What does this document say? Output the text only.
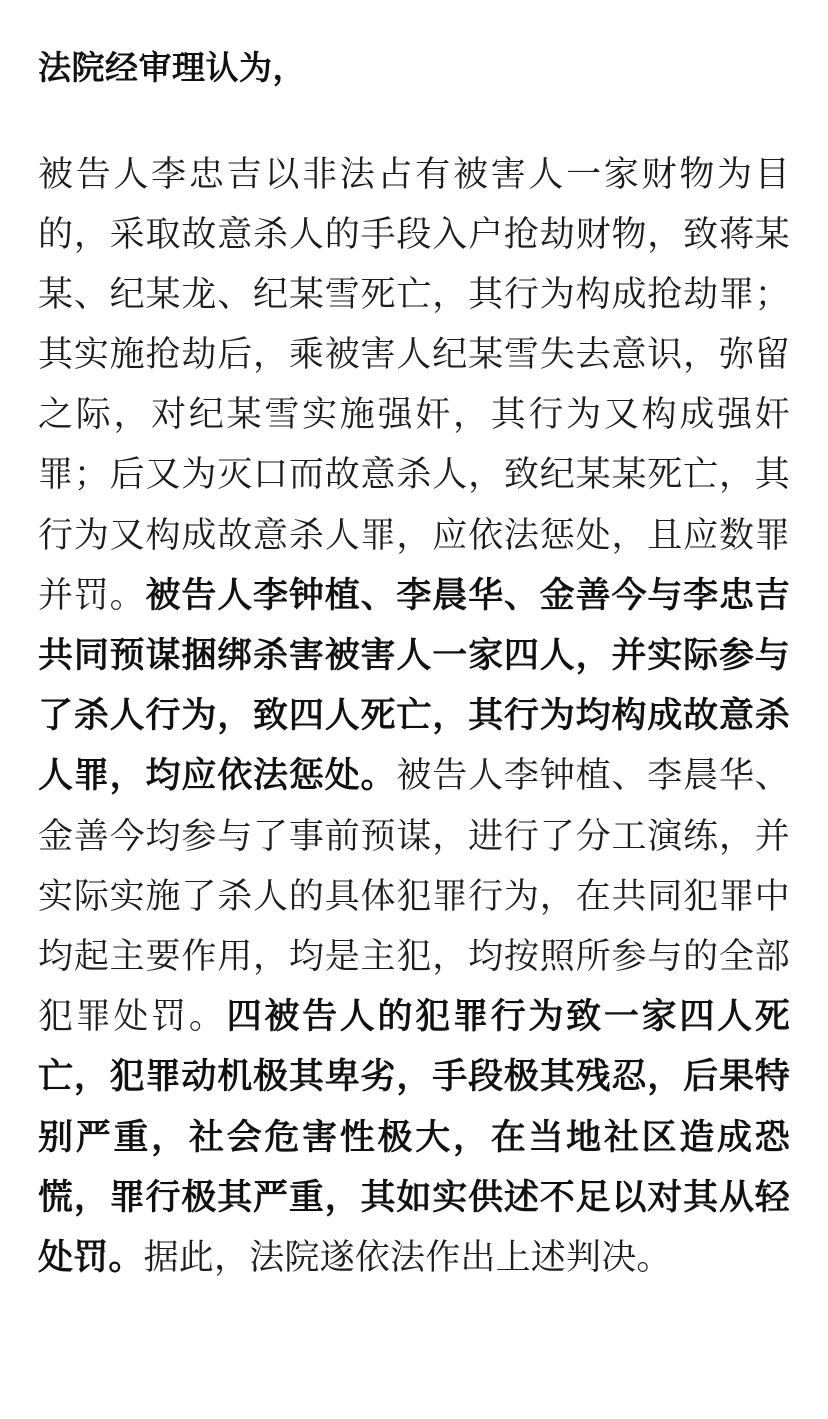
法院经审理认为，

被告人李忠吉以非法占有被害人一家财物为目的，采取故意杀人的手段入户抢劫财物，致蒋某某、纪某龙、纪某雪死亡，其行为构成抢劫罪；其实施抢劫后，乘被害人纪某雪失去意识，弥留之际，对纪某雪实施强奸，其行为又构成强奸罪；后又为灭口而故意杀人，致纪某某死亡，其行为又构成故意杀人罪，应依法惩处，且应数罪并罚。被告人李钟植、李晨华、金善今与李忠吉共同预谋捆绑杀害被害人一家四人，并实际参与了杀人行为，致四人死亡，其行为均构成故意杀人罪，均应依法惩处。被告人李钟植、李晨华、金善今均参与了事前预谋，进行了分工演练，并实际实施了杀人的具体犯罪行为，在共同犯罪中均起主要作用，均是主犯，均按照所参与的全部犯罪处罚。四被告人的犯罪行为致一家四人死亡，犯罪动机极其卑劣，手段极其残忍，后果特别严重，社会危害性极大，在当地社区造成恐慌，罪行极其严重，其如实供述不足以对其从轻处罚。据此，法院遂依法作出上述判决。
